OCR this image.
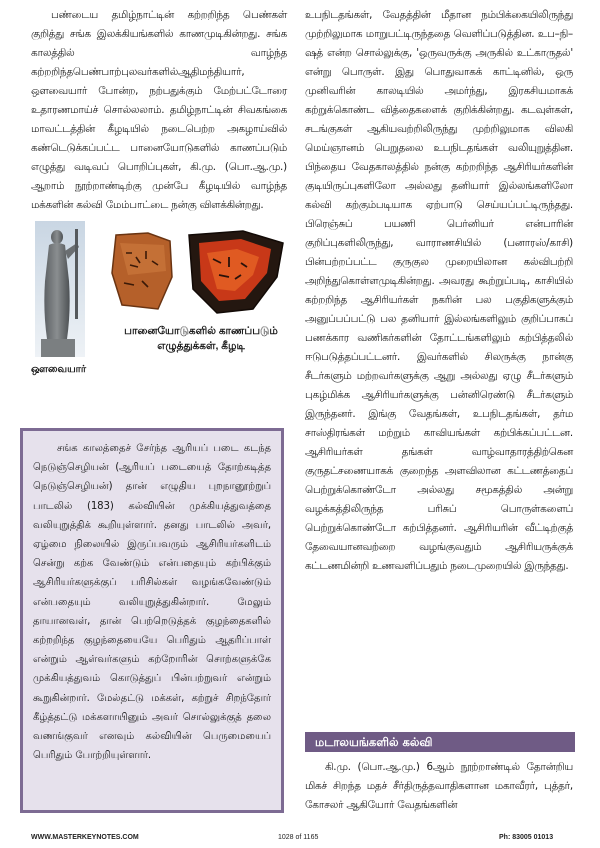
பண்டைய தமிழ்நாட்டின் கற்றறிந்த பெண்கள் குறித்து சங்க இலக்கியங்களில் காணமுடிகின்றது. சங்க காலத்தில் வாழ்ந்த கற்றறிந்தபெண்பாற்புலவர்களில்ஆதிமந்தியார், ஔவையார் போன்ற, நற்பதுக்கும் மேற்பட்டோரை உதாரணமாய்ச் சொல்லலாம். தமிழ்நாட்டின் சிவகங்கை மாவட்டத்தின் கீழடியில் நடைபெற்ற அகழாய்வில் கண்டெடுக்கப்பட்ட பானையோடுகளில் காணப்படும் எழுத்து வடிவப் பொறிப்புகள், கி.மு. (பொ.ஆ.மு.) ஆறாம் நூற்றாண்டிற்கு முன்பே கீழடியில் வாழ்ந்த மக்களின் கல்வி மேம்பாட்டை நன்கு விளக்கின்றது.

ஔவையார்
பானையோடுகளில் காணப்படும் எழுத்துக்கள், கீழடி

சங்க காலத்தைச் சேர்ந்த ஆரியப் படை கடந்த நெடுஞ்செழியன் (ஆரியப் படையைத் தோற்கடித்த நெடுஞ்செழியன்) தான் எழுதிய புறநானூற்றுப் பாடலில் (183) கல்வியின் முக்கியத்துவத்தை வலியுறுத்திக் கூறியுள்ளார். தனது பாடலில் அவர், ஏழ்மை நிலையில் இருப்பவரும் ஆசிரியர்களிடம் சென்று கற்க வேண்டும் என்பதையும் கற்பிக்கும் ஆசிரியர்களுக்குப் பரிசில்கள் வழங்கவேண்டும் என்பதையும் வலியுறுத்துகின்றார். மேலும் தாயானவள், தான் பெற்றெடுத்தக் குழந்தைகளில் கற்றறிந்த குழந்தையையே பெரிதும் ஆதரிப்பாள் என்றும் ஆள்வர்களும் கற்றோரின் சொற்களுக்கே முக்கியத்துவம் கொடுத்துப் பின்பற்றுவர் என்றும் கூறுகின்றார். மேல்தட்டு மக்கள், கற்றுச் சிறந்தோர் கீழ்த்தட்டு மக்களாயினும் அவர் சொல்லுக்குத் தலை வணங்குவர் எனவும் கல்வியின் பெருமையைப் பெரிதும் போற்றியுள்ளார்.

உபநிடதங்கள், வேதத்தின் மீதான நம்பிக்கையிலிருந்து முற்றிலுமாக மாறுபட்டிருந்ததை வெளிப்படுத்தின. உப–நி–ஷத் என்ற சொல்லுக்கு, 'ஒருவருக்கு அருகில் உட்காருதல்' என்று பொருள். இது பொதுவாகக் காட்டினில், ஒரு முனிவரின் காலடியில் அமர்ந்து, இரகசியமாகக் கற்றுக்கொண்ட வித்தைகளைக் குறிக்கின்றது. கடவுள்கள், சடங்குகள் ஆகியவற்றிலிருந்து முற்றிலுமாக விலகி மெய்ஞானம் பெறுதலை உபநிடதங்கள் வலியுறுத்தின. பிந்தைய வேதகாலத்தில் நன்கு கற்றறிந்த ஆசிரியர்களின் குடியிருப்புகளிலோ அல்லது தனியார் இல்லங்களிலோ கல்வி கற்கும்படியாக ஏற்பாடு செய்யப்பட்டிருந்தது. பிரெஞ்சுப் பயணி பெர்னியர் என்பாரின் குறிப்புகளிலிருந்து, வாராணசியில் (பனாரஸ்/காசி) பின்பற்றப்பட்ட குருகுல முறையிலான கல்விபற்றி அறிந்துகொள்ளமுடிகின்றது. அவரது கூற்றுப்படி, காசியில் கற்றறிந்த ஆசிரியர்கள் நகரின் பல பகுதிகளுக்கும் அனுப்பப்பட்டு பல தனியார் இல்லங்களிலும் குறிப்பாகப் பணக்கார வணிகர்களின் தோட்டங்களிலும் கற்பித்தலில் ஈடுபடுத்தப்பட்டனர். இவர்களில் சிலருக்கு நான்கு சீடர்களும் மற்றவர்களுக்கு ஆறு அல்லது ஏழு சீடர்களும் புகழ்மிக்க ஆசிரியர்களுக்கு பன்னிரெண்டு சீடர்களும் இருந்தனர். இங்கு வேதங்கள், உபநிடதங்கள், தர்ம சாஸ்திரங்கள் மற்றும் காவியங்கள் கற்பிக்கப்பட்டன. ஆசிரியர்கள் தங்கள் வாழ்வாதாரத்திற்கென குருதட்சணையாகக் குறைந்த அளவிலான கட்டணத்தைப் பெற்றுக்கொண்டோ அல்லது சமூகத்தில் அன்று வழக்கத்திலிருந்த பரிசுப் பொருள்களைப் பெற்றுக்கொண்டோ கற்பித்தனர். ஆசிரியரின் வீட்டிற்குத் தேவையானவற்றை வழங்குவதும் ஆசிரியருக்குக் கட்டணமின்றி உணவளிப்பதும் நடைமுறையில் இருந்தது.

மடாலயங்களில் கல்வி

கி.மு. (பொ.ஆ.மு.) 6ஆம் நூற்றாண்டில் தோன்றிய மிகச் சிறந்த மதச் சீர்திருத்தவாதிகளான மகாவீரர், புத்தர், கோசலர் ஆகியோர் வேதங்களின்

WWW.MASTERKEYNOTES.COM	1028 of 1165	Ph: 83005 01013
